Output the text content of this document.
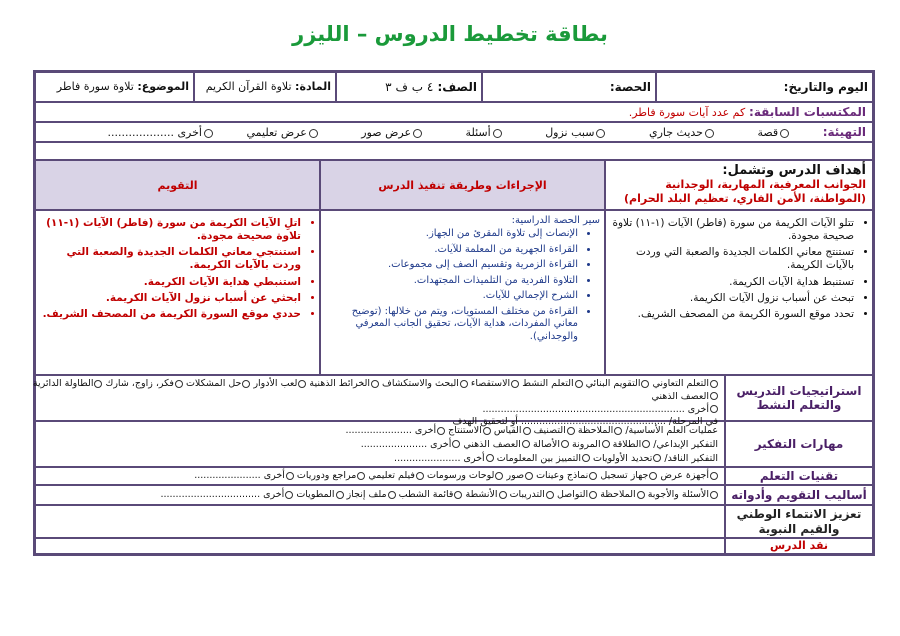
بطاقة تخطيط الدروس – الليزر
اليوم والتاريخ:
الحصة:
الصف: ٤ ب ف ٣
المادة: تلاوة القرآن الكريم
الموضوع: تلاوة سورة فاطر
المكتسبات السابقة: كم عدد آيات سورة فاطر.
التهيئة: قصة حديث جاري سبب نزول أسئلة عرض صور عرض تعليمي أخرى ...................
أهداف الدرس وتشمل:
الجوانب المعرفية، المهارية، الوجدانية (المواطنة، الأمن الفاري، تعظيم البلد الحرام)
الإجراءات وطريقة تنفيذ الدرس
التقويم
• تتلو الآيات الكريمة من سورة (فاطر) الآيات (١-١١) تلاوة صحيحة مجودة.
• تستنتج معاني الكلمات الجديدة والصعبة التي وردت بالآيات الكريمة.
• تستنبط هداية الآيات الكريمة.
• تبحث عن أسباب نزول الآيات الكريمة.
• تحدد موقع السورة الكريمة من المصحف الشريف.
سير الحصة الدراسية:
• الإنصات إلى تلاوة المقرئ من الجهاز.
• القراءة الجهرية من المعلمة للآيات.
• القراءة الزمرية وتقسيم الصف إلى مجموعات.
• التلاوة الفردية من التلميذات المجتهدات.
• الشرح الإجمالي للآيات.
• القراءة من مختلف المستويات، ويتم من خلالها: (توضيح معاني المفردات، هداية الآيات، تحقيق الجانب المعرفي والوجداني).
• اتلِ الآيات الكريمة من سورة (فاطر) الآيات (١-١١) تلاوة صحيحة مجودة.
• استنتجي معاني الكلمات الجديدة والصعبة التي وردت بالآيات الكريمة.
• استنبطي هداية الآيات الكريمة.
• ابحثي عن أسباب نزول الآيات الكريمة.
• حددي موقع السورة الكريمة من المصحف الشريف.
استراتيجيات التدريس والتعلم النشط
التعلم التعاوني التقويم البنائي التعلم النشط الاستقصاء البحث والاستكشاف الخرائط الذهنية لعب الأدوار حل المشكلات فكر، زاوج، شارك الطاولة الدائرية
العصف الذهني
أخرى ...................................................................
في المرحلة/ ................................................ أو لتحقيق الهدف
مهارات التفكير
عمليات العلم الأساسية/ الملاحظة التصنيف القياس الاستنتاج أخرى ......................
التفكير الإبداعي/ الطلاقة المرونة الأصالة العصف الذهني أخرى ......................
التفكير الناقد/ تحديد الأولويات التمييز بين المعلومات أخرى ......................
تقنيات التعلم
أجهزة عرض جهاز تسجيل نماذج وعينات صور لوحات ورسومات فيلم تعليمي مراجع ودوريات أخرى ......................
أساليب التقويم وأدواته
الأسئلة والأجوبة الملاحظة التواصل التدريبات الأنشطة قائمة الشطب ملف إنجاز المطويات أخرى .................................
تعزيز الانتماء الوطني والقيم النبوية
نقد الدرس
